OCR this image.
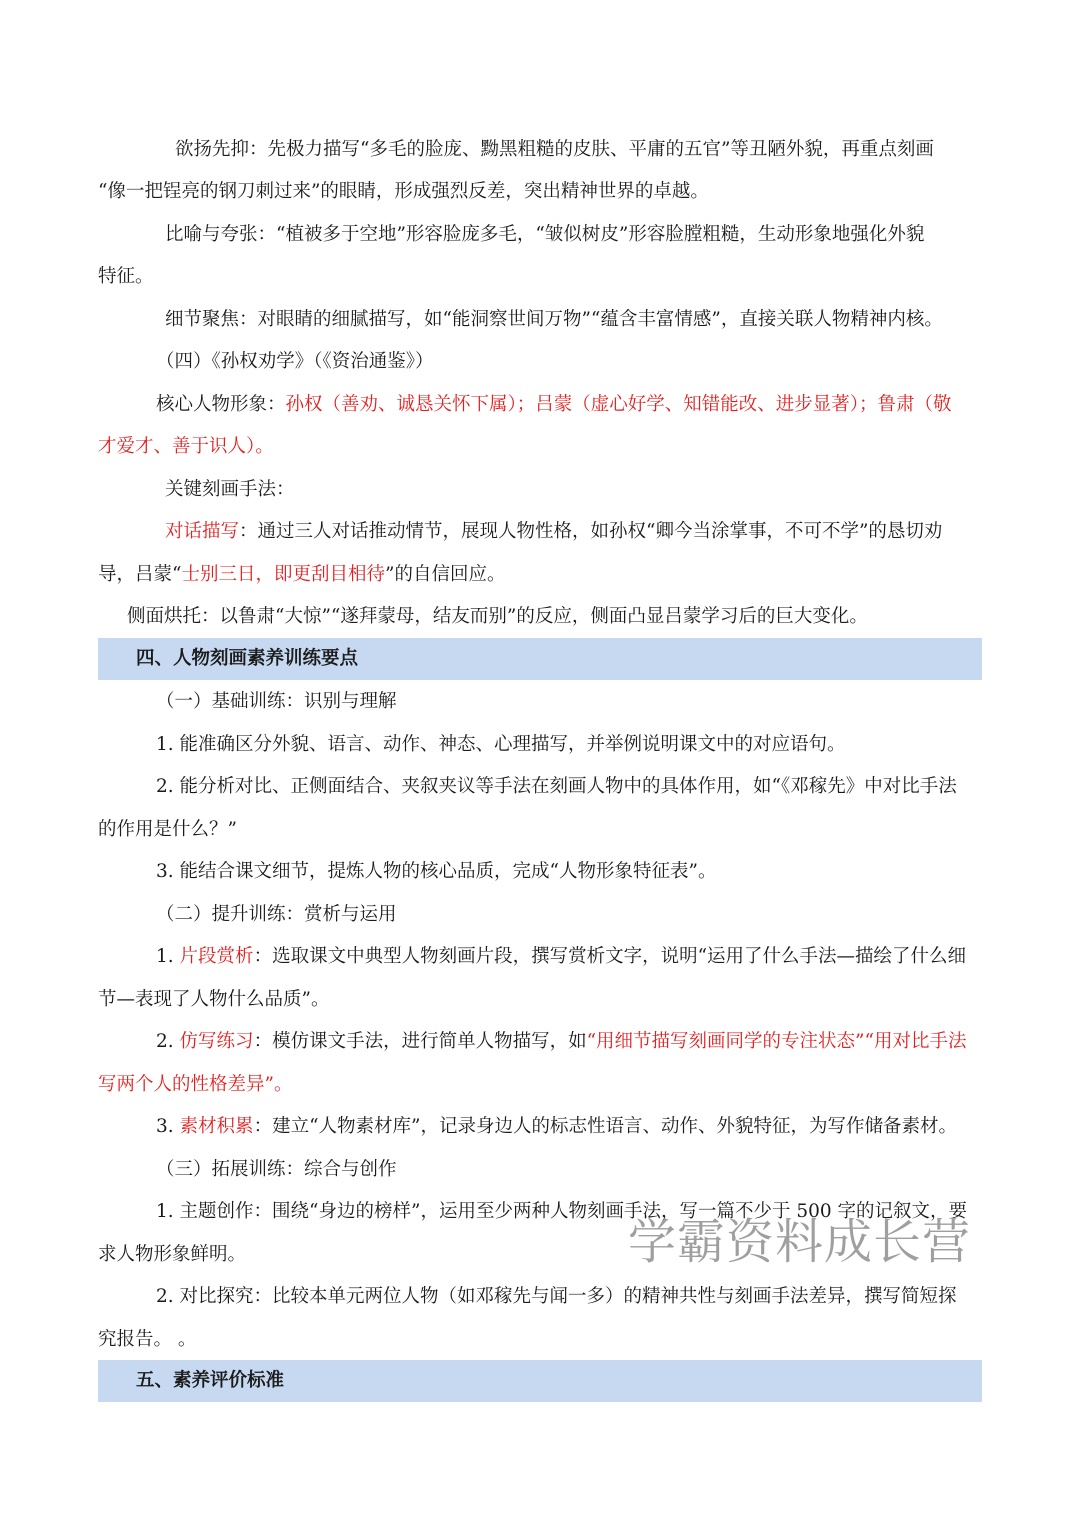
欲扬先抑：先极力描写“多毛的脸庞、黝黑粗糙的皮肤、平庸的五官”等丑陋外貌，再重点刻画
“像一把锃亮的钢刀刺过来”的眼睛，形成强烈反差，突出精神世界的卓越。
比喻与夸张：“植被多于空地”形容脸庞多毛，“皱似树皮”形容脸膛粗糙，生动形象地强化外貌
特征。
细节聚焦：对眼睛的细腻描写，如“能洞察世间万物”“蕴含丰富情感”，直接关联人物精神内核。
（四）《孙权劝学》（《资治通鉴》）
核心人物形象：孙权（善劝、诚恳关怀下属）；吕蒙（虚心好学、知错能改、进步显著）；鲁肃（敬
才爱才、善于识人）。
关键刻画手法：
对话描写：通过三人对话推动情节，展现人物性格，如孙权“卿今当涂掌事，不可不学”的恳切劝
导，吕蒙“士别三日，即更刮目相待”的自信回应。
侧面烘托：以鲁肃“大惊”“遂拜蒙母，结友而别”的反应，侧面凸显吕蒙学习后的巨大变化。
四、人物刻画素养训练要点
（一）基础训练：识别与理解
1. 能准确区分外貌、语言、动作、神态、心理描写，并举例说明课文中的对应语句。
2. 能分析对比、正侧面结合、夹叙夹议等手法在刻画人物中的具体作用，如“《邓稼先》中对比手法
的作用是什么？”
3. 能结合课文细节，提炼人物的核心品质，完成“人物形象特征表”。
（二）提升训练：赏析与运用
1. 片段赏析：选取课文中典型人物刻画片段，撰写赏析文字，说明“运用了什么手法—描绘了什么细
节—表现了人物什么品质”。
2. 仿写练习：模仿课文手法，进行简单人物描写，如“用细节描写刻画同学的专注状态”“用对比手法
写两个人的性格差异”。
3. 素材积累：建立“人物素材库”，记录身边人的标志性语言、动作、外貌特征，为写作储备素材。
（三）拓展训练：综合与创作
1. 主题创作：围绕“身边的榜样”，运用至少两种人物刻画手法，写一篇不少于 500 字的记叙文，要
求人物形象鲜明。
2. 对比探究：比较本单元两位人物（如邓稼先与闻一多）的精神共性与刻画手法差异，撰写简短探
究报告。 。
五、素养评价标准
学霸资料成长营
